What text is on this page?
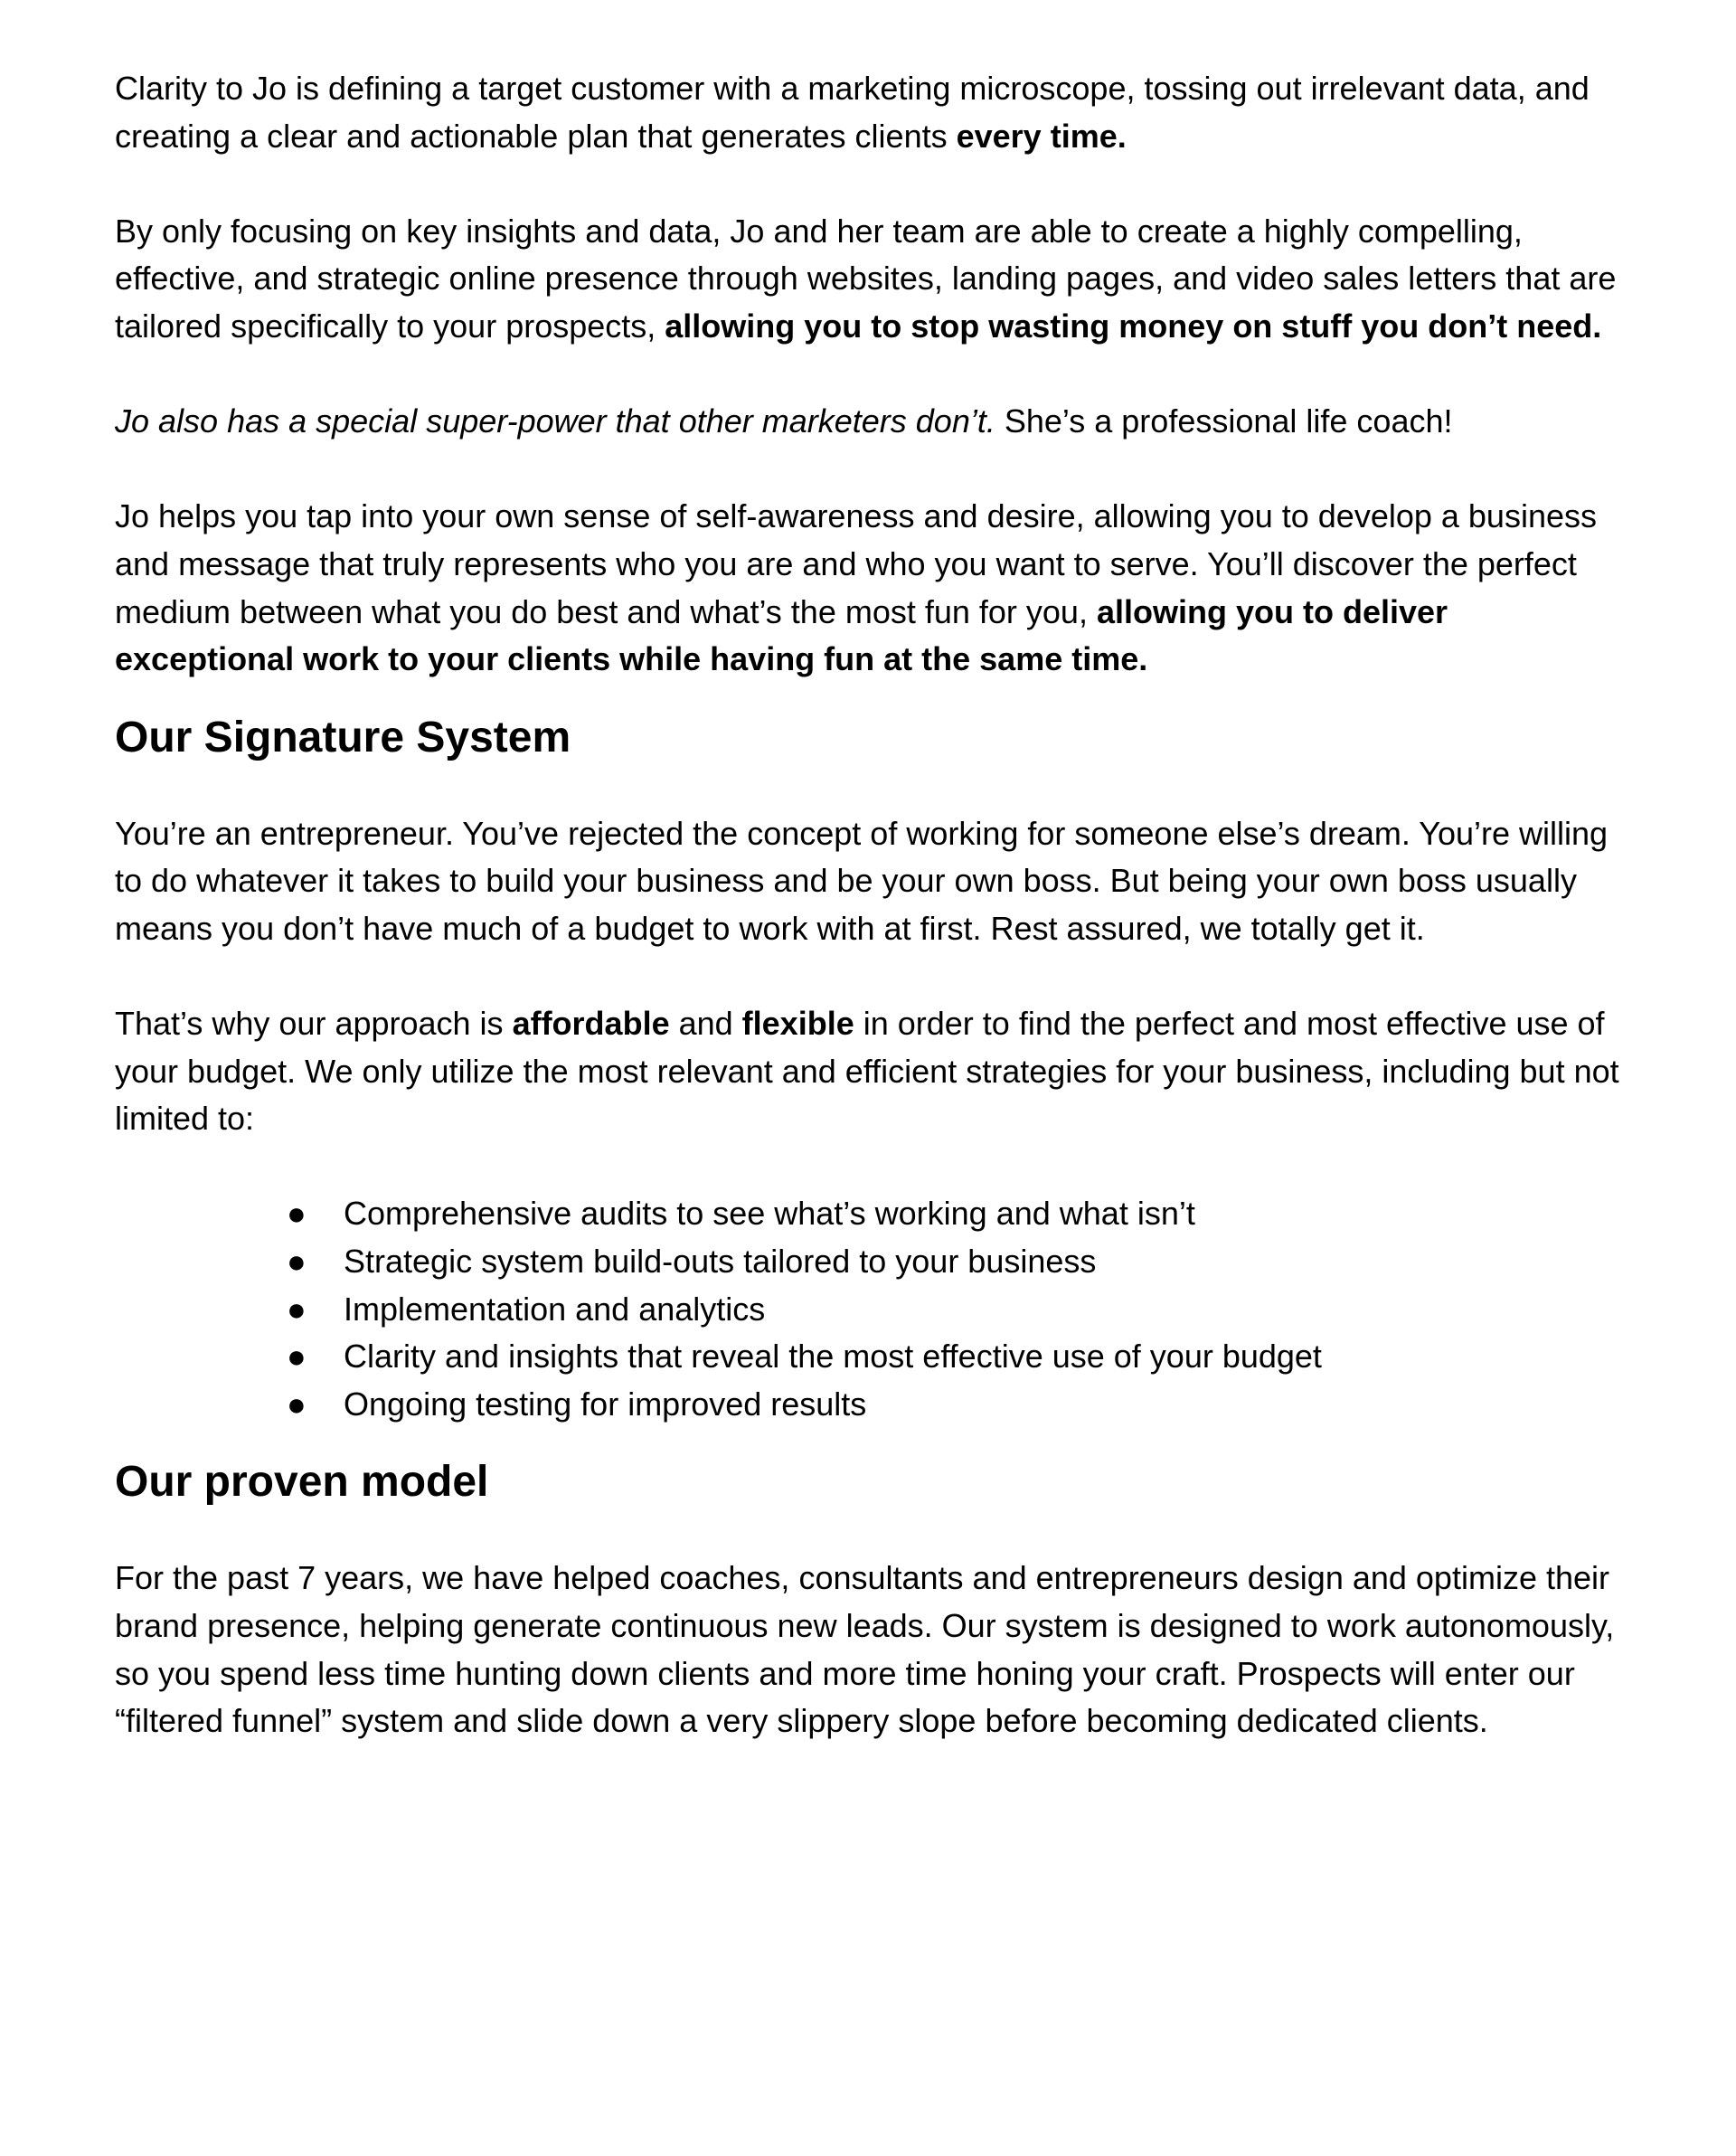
Clarity to Jo is defining a target customer with a marketing microscope, tossing out irrelevant data, and creating a clear and actionable plan that generates clients every time.

By only focusing on key insights and data, Jo and her team are able to create a highly compelling, effective, and strategic online presence through websites, landing pages, and video sales letters that are tailored specifically to your prospects, allowing you to stop wasting money on stuff you don’t need.

Jo also has a special super-power that other marketers don’t. She’s a professional life coach!

Jo helps you tap into your own sense of self-awareness and desire, allowing you to develop a business and message that truly represents who you are and who you want to serve. You’ll discover the perfect medium between what you do best and what’s the most fun for you, allowing you to deliver exceptional work to your clients while having fun at the same time.

Our Signature System

You’re an entrepreneur. You’ve rejected the concept of working for someone else’s dream. You’re willing to do whatever it takes to build your business and be your own boss. But being your own boss usually means you don’t have much of a budget to work with at first. Rest assured, we totally get it.

That’s why our approach is affordable and flexible in order to find the perfect and most effective use of your budget. We only utilize the most relevant and efficient strategies for your business, including but not limited to:

● Comprehensive audits to see what’s working and what isn’t
● Strategic system build-outs tailored to your business
● Implementation and analytics
● Clarity and insights that reveal the most effective use of your budget
● Ongoing testing for improved results
Our proven model

For the past 7 years, we have helped coaches, consultants and entrepreneurs design and optimize their brand presence, helping generate continuous new leads. Our system is designed to work autonomously, so you spend less time hunting down clients and more time honing your craft. Prospects will enter our “filtered funnel” system and slide down a very slippery slope before becoming dedicated clients.
